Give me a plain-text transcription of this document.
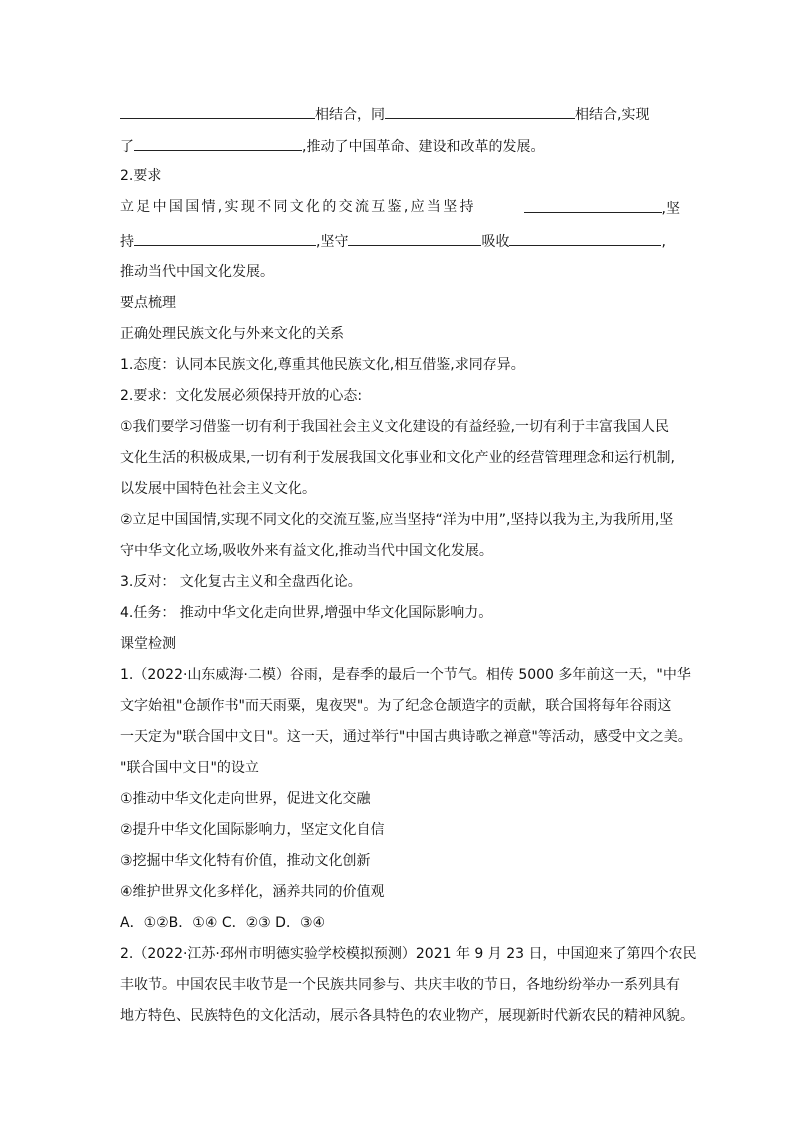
相结合，同	相结合,实现
了	,推动了中国革命、建设和改革的发展。
2.要求
立足中国国情,实现不同文化的交流互鉴,应当坚持	,坚
持	,坚守	吸收	,
推动当代中国文化发展。
要点梳理
正确处理民族文化与外来文化的关系
1.态度：认同本民族文化,尊重其他民族文化,相互借鉴,求同存异。
2.要求：文化发展必须保持开放的心态:
①我们要学习借鉴一切有利于我国社会主义文化建设的有益经验,一切有利于丰富我国人民
文化生活的积极成果,一切有利于发展我国文化事业和文化产业的经营管理理念和运行机制,
以发展中国特色社会主义文化。
②立足中国国情,实现不同文化的交流互鉴,应当坚持“洋为中用”,坚持以我为主,为我所用,坚
守中华文化立场,吸收外来有益文化,推动当代中国文化发展。
3.反对： 文化复古主义和全盘西化论。
4.任务： 推动中华文化走向世界,增强中华文化国际影响力。
课堂检测
1.（2022·山东威海·二模）谷雨，是春季的最后一个节气。相传 5000 多年前这一天，"中华
文字始祖"仓颉作书"而天雨粟，鬼夜哭"。为了纪念仓颉造字的贡献，联合国将每年谷雨这
一天定为"联合国中文日"。这一天，通过举行"中国古典诗歌之禅意"等活动，感受中文之美。
"联合国中文日"的设立
①推动中华文化走向世界，促进文化交融
②提升中华文化国际影响力，坚定文化自信
③挖掘中华文化特有价值，推动文化创新
④维护世界文化多样化，涵养共同的价值观
A．①②B．①④ C．②③ D．③④
2.（2022·江苏·邳州市明德实验学校模拟预测）2021 年 9 月 23 日，中国迎来了第四个农民
丰收节。中国农民丰收节是一个民族共同参与、共庆丰收的节日，各地纷纷举办一系列具有
地方特色、民族特色的文化活动，展示各具特色的农业物产，展现新时代新农民的精神风貌。
